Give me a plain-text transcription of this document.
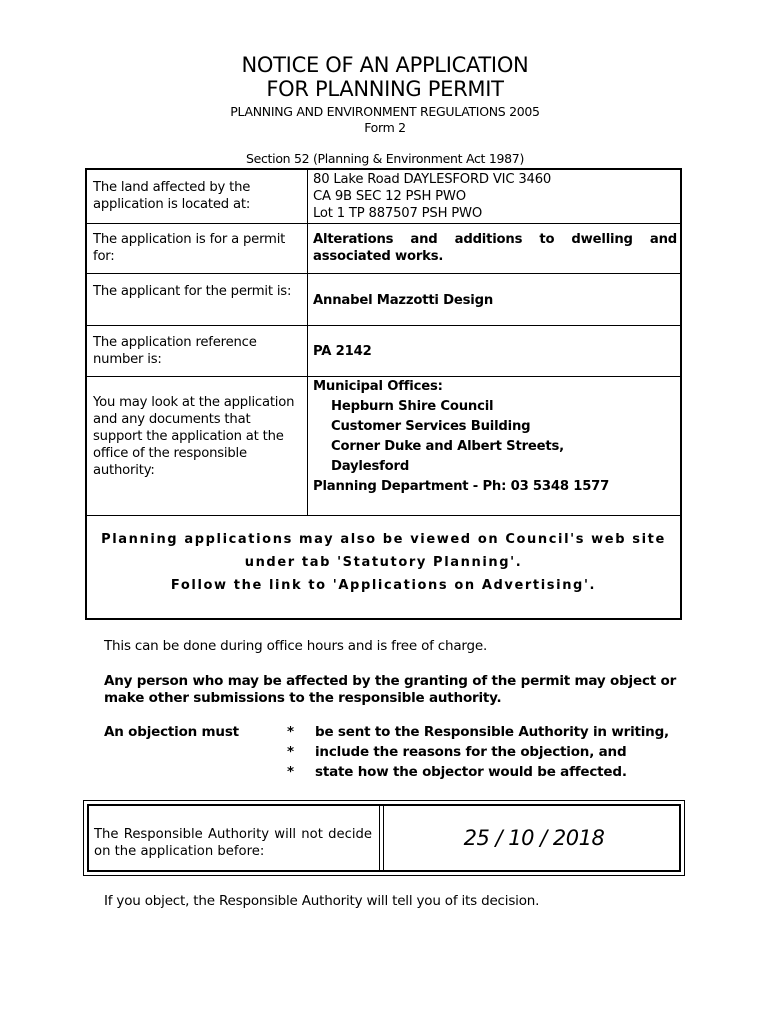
NOTICE OF AN APPLICATION
FOR PLANNING PERMIT
PLANNING AND ENVIRONMENT REGULATIONS 2005
Form 2
Section 52 (Planning & Environment Act 1987)
The land affected by the application is located at:
80 Lake Road DAYLESFORD VIC 3460
CA 9B SEC 12 PSH PWO
Lot 1 TP 887507 PSH PWO
The application is for a permit for:
Alterations and additions to dwelling and associated works.
The applicant for the permit is:
Annabel Mazzotti Design
The application reference number is:
PA 2142
You may look at the application and any documents that support the application at the office of the responsible authority:
Municipal Offices:
Hepburn Shire Council
Customer Services Building
Corner Duke and Albert Streets,
Daylesford
Planning Department - Ph: 03 5348 1577
Planning applications may also be viewed on Council's web site
under tab 'Statutory Planning'.
Follow the link to 'Applications on Advertising'.
This can be done during office hours and is free of charge.
Any person who may be affected by the granting of the permit may object or
make other submissions to the responsible authority.
An objection must	*
*
*
be sent to the Responsible Authority in writing,
include the reasons for the objection, and
state how the objector would be affected.
The Responsible Authority will not decide on the application before:
25 / 10 / 2018
If you object, the Responsible Authority will tell you of its decision.
